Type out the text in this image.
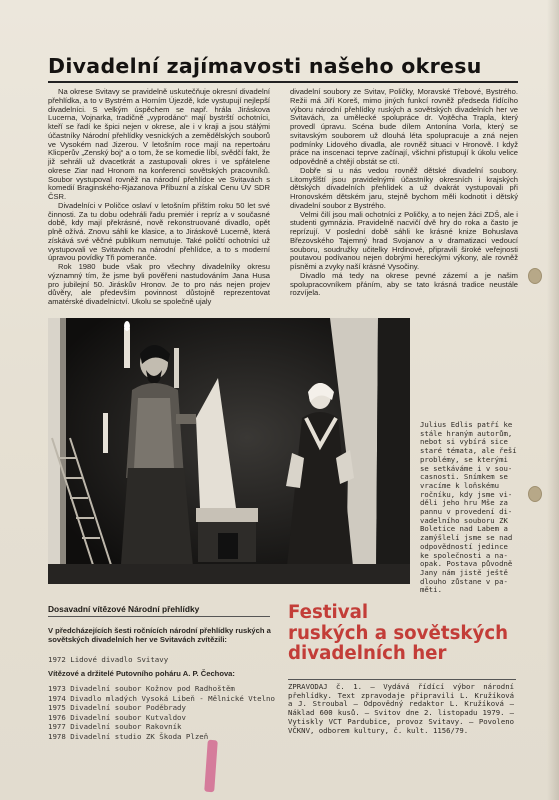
Divadelní zajímavosti našeho okresu

Na okrese Svitavy se pravidelně uskutečňuje okresní divadelní přehlídka, a to v Bystrém a Horním Újezdě, kde vystupují nejlepší divadelníci. S velkým úspěchem se např. hrála Jiráskova Lucerna, Vojnarka, tradičně „vyprodáno“ mají bystrští ochotníci, kteří se řadí ke špici nejen v okrese, ale i v kraji a jsou stálými účastníky Národní přehlídky vesnických a zemědělských souborů ve Vysokém nad Jizerou. V letošním roce mají na repertoáru Klicperův „Zenský boj“ a o tom, že se komedie líbí, svědčí fakt, že již sehráli už dvacetkrát a zastupovali okres i ve spřátelene okrese Ziar nad Hronom na konferenci sovětských pracovníků. Soubor vystupoval rovněž na národní přehlídce ve Svitavách s komedií Braginského-Rjazanova Příbuzní a získal Cenu ÚV SDR ČSR.

Divadelníci v Poličce oslaví v letošním přištím roku 50 let své činnosti. Za tu dobu odehráli řadu premiér i repríz a v současné době, kdy mají překrásné, nově rekonstruované divadlo, opět plně ožívá. Znovu sáhli ke klasice, a to Jiráskově Lucerně, která získává své věčné publikum nemutuje. Také poličtí ochotníci už vystupovali ve Svitavách na národní přehlídce, a to s moderní úpravou povídky Tři pomeranče.

Rok 1980 bude však pro všechny divadelníky okresu významný tím, že jsme byli pověřeni nastudováním Jana Husa pro jubilejní 50. Jiráskův Hronov. Je to pro nás nejen projev důvěry, ale především povinnost důstojně reprezentovat amatérské divadelnictví. Ukolu se společně ujaly

divadelní soubory ze Svitav, Poličky, Moravské Třebové, Bystrého. Režii má Jiří Koreš, mimo jiných funkcí rovněž předseda řídícího výboru národní přehlídky ruských a sovětských divadelních her ve Svitavách, za umělecké spolupráce dr. Vojtěcha Trapla, který provedl úpravu. Scéna bude dílem Antonína Vorla, který se svitavským souborem už dlouhá léta spolupracuje a zná nejen podmínky Lidového divadla, ale rovněž situaci v Hronově. I když práce na inscenaci teprve začínají, všichni přistupují k úkolu velice odpovědně a chtějí obstát se ctí.

Dobře si u nás vedou rovněž dětské divadelní soubory. Litomyšlští jsou pravidelnými účastníky okresních i krajských dětských divadelních přehlídek a už dvakrát vystupovali při Hronovském dětském jaru, stejně bychom měli kodnotit i dětský divadelní soubor z Bystrého.

Velmi čilí jsou mali ochotníci z Poličky, a to nejen žáci ZDŠ, ale i studenti gymnázia. Pravidelně nacvičí dvě hry do roka a často je reprízují. V poslední době sáhli ke krásné knize Bohuslava Březovského Tajemný hrad Svojanov a v dramatizaci vedoucí souboru, soudružky učitelky Hrdinové, připravili široké veřejnosti poutavou podívanou nejen dobrými hereckými výkony, ale rovněž písněmi a zvyky naší krásné Vysočiny.

Divadlo má tedy na okrese pevné zázemí a je našim spolupracovníkem přáním, aby se tato krásná tradice neustále rozvíjela.

Julius Edlis patří ke
stále hraným autorům,
nebot si vybírá sice
staré témata, ale řeší
problémy, se kterými
se setkáváme i v sou-
casnosti. Snímkem se
vracíme k loňskému
ročníku, kdy jsme vi-
děli jeho hru Mše za
pannu v provedení di-
vadelního souboru ZK
Boletice nad Labem a
zamýšlelí jsme se nad
odpovědností jedince
ke společnosti a na-
opak. Postava původně
Jany nám jistě ještě
dlouho zůstane v pa-
měti.
Dosavadní vítězové Národní přehlídky
V předcházejících šesti ročnících národní přehlídky ruských a sovětských divadelních her ve Svitavách zvítězili:
1972 Lidové divadlo Svitavy
Vítězové a držitelé Putovního poháru A. P. Čechova:
1973 Divadelní soubor Kožnov pod Radhoštěm
1974 Divadlo mladých Vysoká Libeň - Mělnické Vtelno
1975 Divadelní soubor Poděbrady
1976 Divadelní soubor Kutvaldov
1977 Divadelní soubor Rakovník
1978 Divadelní studio ZK Škoda Plzeň
Festival
ruských a sovětských
divadelních her
ZPRAVODAJ č. 1. — Vydává řídící výbor národní přehlídky. Text zpravodaje připravili L. Kružíková a J. Stroubal — Odpovědný redaktor L. Kružíková — Náklad 600 kusů. — Svitov dne 2. listopadu 1979. — Vytiskly VCT Pardubice, provoz Svitavy. — Povoleno VČKNV, odborem kultury, č. kult. 1156/79.
